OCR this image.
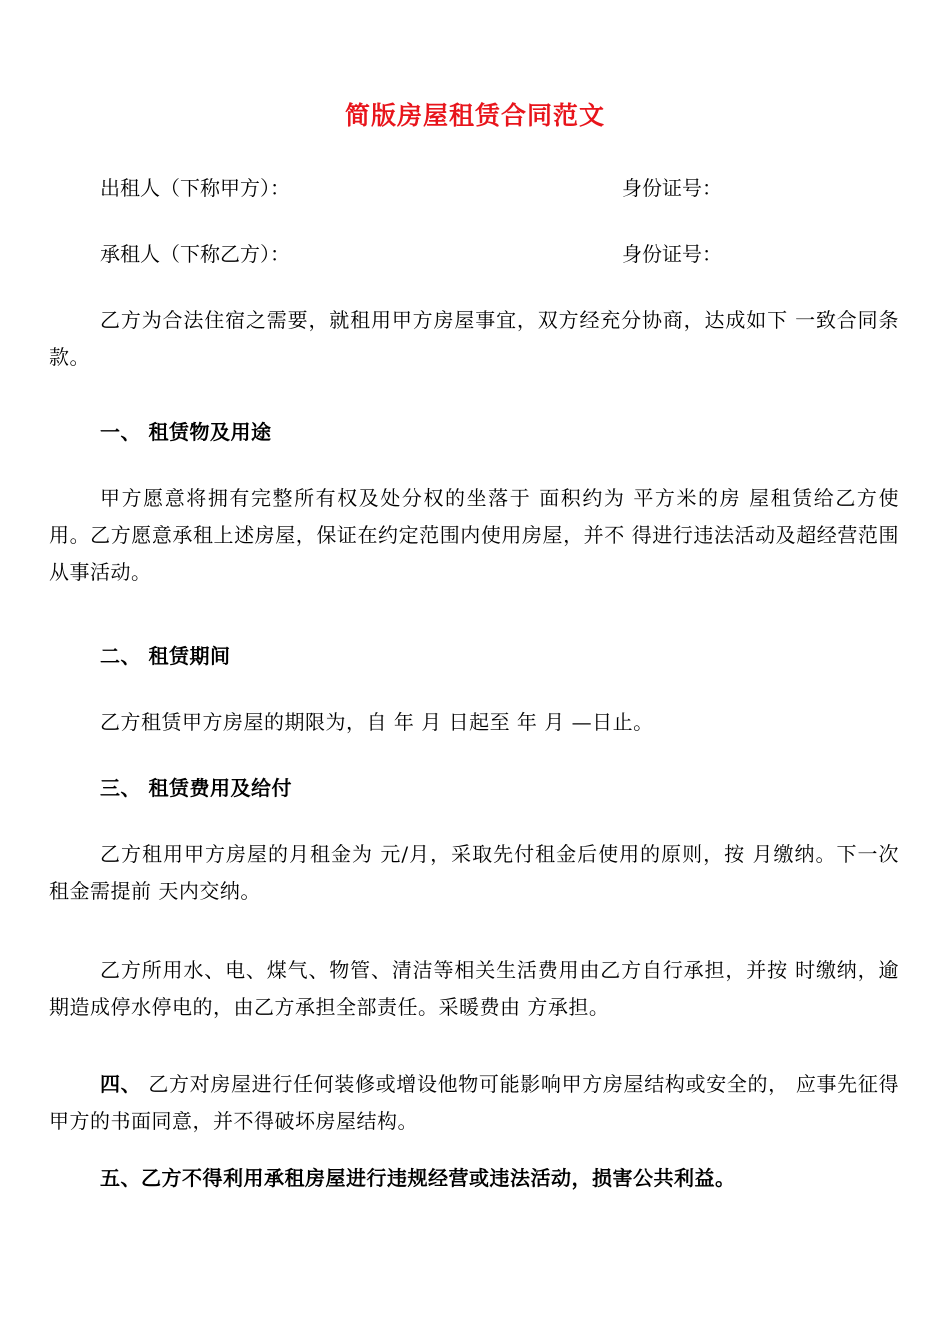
简版房屋租赁合同范文
出租人（下称甲方）：	身份证号：
承租人（下称乙方）：	身份证号：

乙方为合法住宿之需要，就租用甲方房屋事宜，双方经充分协商，达成如下 一致合同条款。

一、 租赁物及用途

甲方愿意将拥有完整所有权及处分权的坐落于 面积约为 平方米的房 屋租赁给乙方使用。乙方愿意承租上述房屋，保证在约定范围内使用房屋，并不 得进行违法活动及超经营范围从事活动。

二、 租赁期间

乙方租赁甲方房屋的期限为，自 年 月 日起至 年 月 —日止。

三、 租赁费用及给付

乙方租用甲方房屋的月租金为 元/月，采取先付租金后使用的原则，按 月缴纳。下一次租金需提前 天内交纳。

乙方所用水、电、煤气、物管、清洁等相关生活费用由乙方自行承担，并按 时缴纳，逾期造成停水停电的，由乙方承担全部责任。采暖费由 方承担。

四、 乙方对房屋进行任何装修或增设他物可能影响甲方房屋结构或安全的， 应事先征得甲方的书面同意，并不得破坏房屋结构。

五、乙方不得利用承租房屋进行违规经营或违法活动，损害公共利益。
